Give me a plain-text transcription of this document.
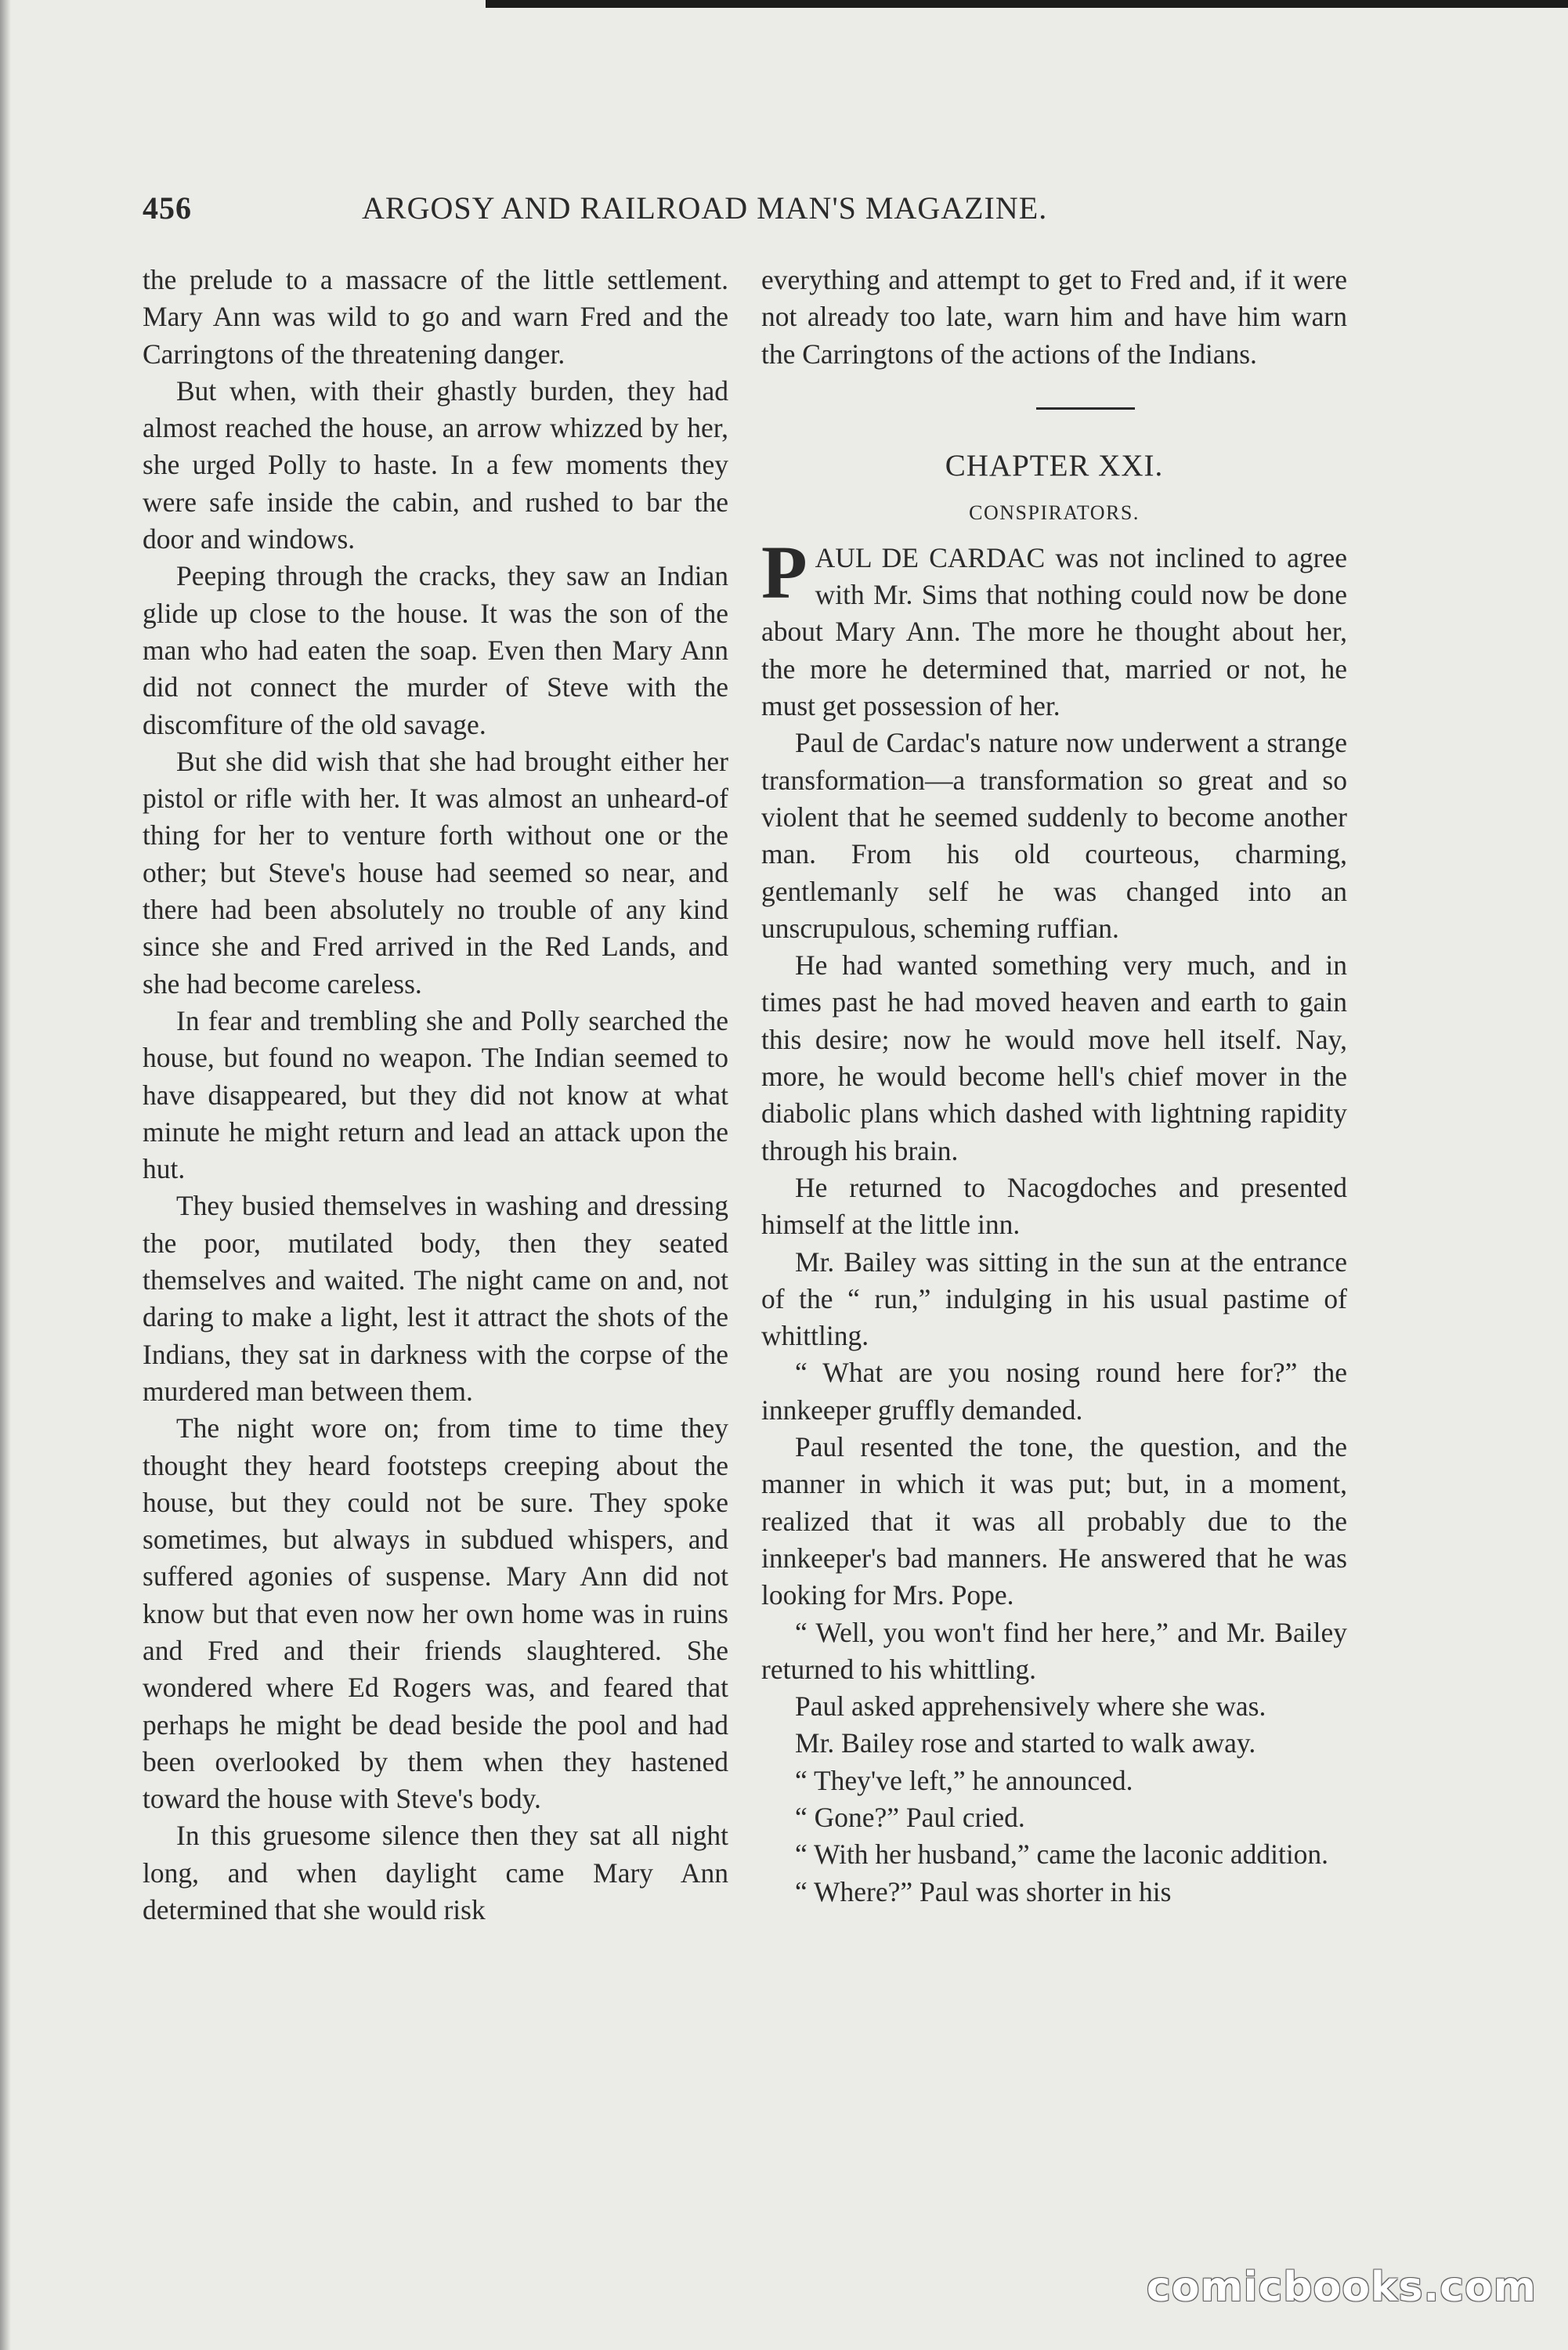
456	ARGOSY AND RAILROAD MAN'S MAGAZINE.

the prelude to a massacre of the little settlement. Mary Ann was wild to go and warn Fred and the Carringtons of the threatening danger.

But when, with their ghastly burden, they had almost reached the house, an arrow whizzed by her, she urged Polly to haste. In a few moments they were safe inside the cabin, and rushed to bar the door and windows.

Peeping through the cracks, they saw an Indian glide up close to the house. It was the son of the man who had eaten the soap. Even then Mary Ann did not connect the murder of Steve with the discomfiture of the old savage.

But she did wish that she had brought either her pistol or rifle with her. It was almost an unheard-of thing for her to venture forth without one or the other; but Steve's house had seemed so near, and there had been absolutely no trouble of any kind since she and Fred arrived in the Red Lands, and she had become careless.

In fear and trembling she and Polly searched the house, but found no weapon. The Indian seemed to have disappeared, but they did not know at what minute he might return and lead an attack upon the hut.

They busied themselves in washing and dressing the poor, mutilated body, then they seated themselves and waited. The night came on and, not daring to make a light, lest it attract the shots of the Indians, they sat in darkness with the corpse of the murdered man between them.

The night wore on; from time to time they thought they heard footsteps creeping about the house, but they could not be sure. They spoke sometimes, but always in subdued whispers, and suffered agonies of suspense. Mary Ann did not know but that even now her own home was in ruins and Fred and their friends slaughtered. She wondered where Ed Rogers was, and feared that perhaps he might be dead beside the pool and had been overlooked by them when they hastened toward the house with Steve's body.

In this gruesome silence then they sat all night long, and when daylight came Mary Ann determined that she would risk

everything and attempt to get to Fred and, if it were not already too late, warn him and have him warn the Carringtons of the actions of the Indians.

CHAPTER XXI.
CONSPIRATORS.
P AUL DE CARDAC was not inclined to agree with Mr. Sims that nothing could now be done about Mary Ann. The more he thought about her, the more he determined that, married or not, he must get possession of her.

Paul de Cardac's nature now underwent a strange transformation—a transformation so great and so violent that he seemed suddenly to become another man. From his old courteous, charming, gentlemanly self he was changed into an unscrupulous, scheming ruffian.

He had wanted something very much, and in times past he had moved heaven and earth to gain this desire; now he would move hell itself. Nay, more, he would become hell's chief mover in the diabolic plans which dashed with lightning rapidity through his brain.

He returned to Nacogdoches and presented himself at the little inn.

Mr. Bailey was sitting in the sun at the entrance of the “ run,” indulging in his usual pastime of whittling.

“ What are you nosing round here for?” the innkeeper gruffly demanded.

Paul resented the tone, the question, and the manner in which it was put; but, in a moment, realized that it was all probably due to the innkeeper's bad manners. He answered that he was looking for Mrs. Pope.

“ Well, you won't find her here,” and Mr. Bailey returned to his whittling.

Paul asked apprehensively where she was.

Mr. Bailey rose and started to walk away.

“ They've left,” he announced.

“ Gone?” Paul cried.

“ With her husband,” came the laconic addition.

“ Where?” Paul was shorter in his

comicbooks.com
